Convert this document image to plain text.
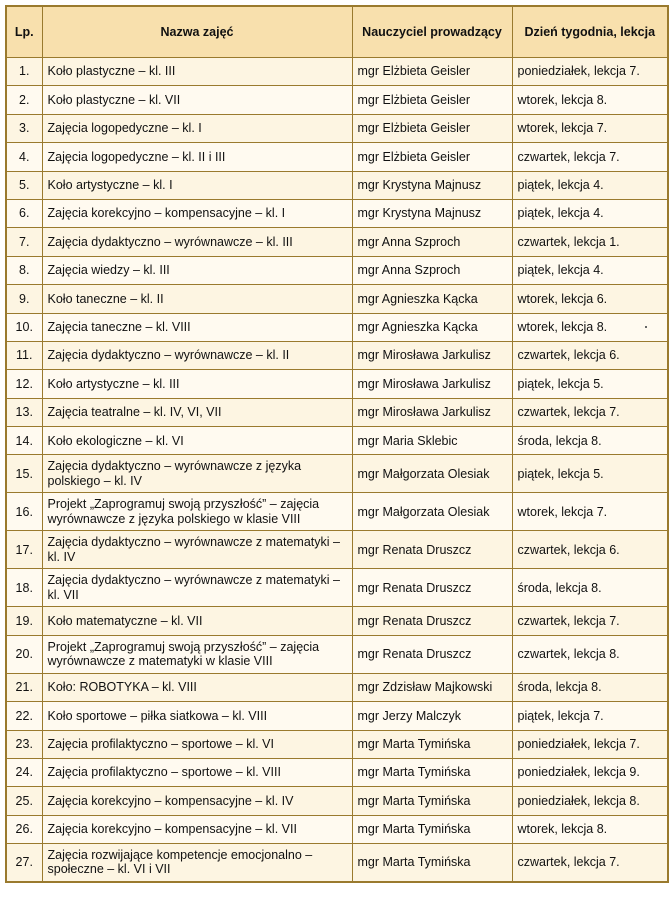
Lp.	Nazwa zajęć	Nauczyciel prowadzący	Dzień tygodnia, lekcja
1.	Koło plastyczne – kl. III	mgr Elżbieta Geisler	poniedziałek, lekcja 7.
2.	Koło plastyczne – kl. VII	mgr Elżbieta Geisler	wtorek, lekcja 8.
3.	Zajęcia logopedyczne – kl. I	mgr Elżbieta Geisler	wtorek, lekcja 7.
4.	Zajęcia logopedyczne – kl. II i III	mgr Elżbieta Geisler	czwartek, lekcja 7.
5.	Koło artystyczne – kl. I	mgr Krystyna Majnusz	piątek, lekcja 4.
6.	Zajęcia korekcyjno – kompensacyjne – kl. I	mgr Krystyna Majnusz	piątek, lekcja 4.
7.	Zajęcia dydaktyczno – wyrównawcze – kl. III	mgr Anna Szproch	czwartek, lekcja 1.
8.	Zajęcia wiedzy – kl. III	mgr Anna Szproch	piątek, lekcja 4.
9.	Koło taneczne – kl. II	mgr Agnieszka Kącka	wtorek, lekcja 6.
10.	Zajęcia taneczne – kl. VIII	mgr Agnieszka Kącka	wtorek, lekcja 8.
11.	Zajęcia dydaktyczno – wyrównawcze – kl. II	mgr Mirosława Jarkulisz	czwartek, lekcja 6.
12.	Koło artystyczne – kl. III	mgr Mirosława Jarkulisz	piątek, lekcja 5.
13.	Zajęcia teatralne – kl. IV, VI, VII	mgr Mirosława Jarkulisz	czwartek, lekcja 7.
14.	Koło ekologiczne – kl. VI	mgr Maria Sklebic	środa, lekcja 8.
15.	Zajęcia dydaktyczno – wyrównawcze z języka polskiego – kl. IV	mgr Małgorzata Olesiak	piątek, lekcja 5.
16.	Projekt „Zaprogramuj swoją przyszłość” – zajęcia wyrównawcze z języka polskiego w klasie VIII	mgr Małgorzata Olesiak	wtorek, lekcja 7.
17.	Zajęcia dydaktyczno – wyrównawcze z matematyki – kl. IV	mgr Renata Druszcz	czwartek, lekcja 6.
18.	Zajęcia dydaktyczno – wyrównawcze z matematyki – kl. VII	mgr Renata Druszcz	środa, lekcja 8.
19.	Koło matematyczne – kl. VII	mgr Renata Druszcz	czwartek, lekcja 7.
20.	Projekt „Zaprogramuj swoją przyszłość” – zajęcia wyrównawcze z matematyki w klasie VIII	mgr Renata Druszcz	czwartek, lekcja 8.
21.	Koło: ROBOTYKA – kl. VIII	mgr Zdzisław Majkowski	środa, lekcja 8.
22.	Koło sportowe – piłka siatkowa – kl. VIII	mgr Jerzy Malczyk	piątek, lekcja 7.
23.	Zajęcia profilaktyczno – sportowe – kl. VI	mgr Marta Tymińska	poniedziałek, lekcja 7.
24.	Zajęcia profilaktyczno – sportowe – kl. VIII	mgr Marta Tymińska	poniedziałek, lekcja 9.
25.	Zajęcia korekcyjno – kompensacyjne – kl. IV	mgr Marta Tymińska	poniedziałek, lekcja 8.
26.	Zajęcia korekcyjno – kompensacyjne – kl. VII	mgr Marta Tymińska	wtorek, lekcja 8.
27.	Zajęcia rozwijające kompetencje emocjonalno – społeczne – kl. VI i VII	mgr Marta Tymińska	czwartek, lekcja 7.
